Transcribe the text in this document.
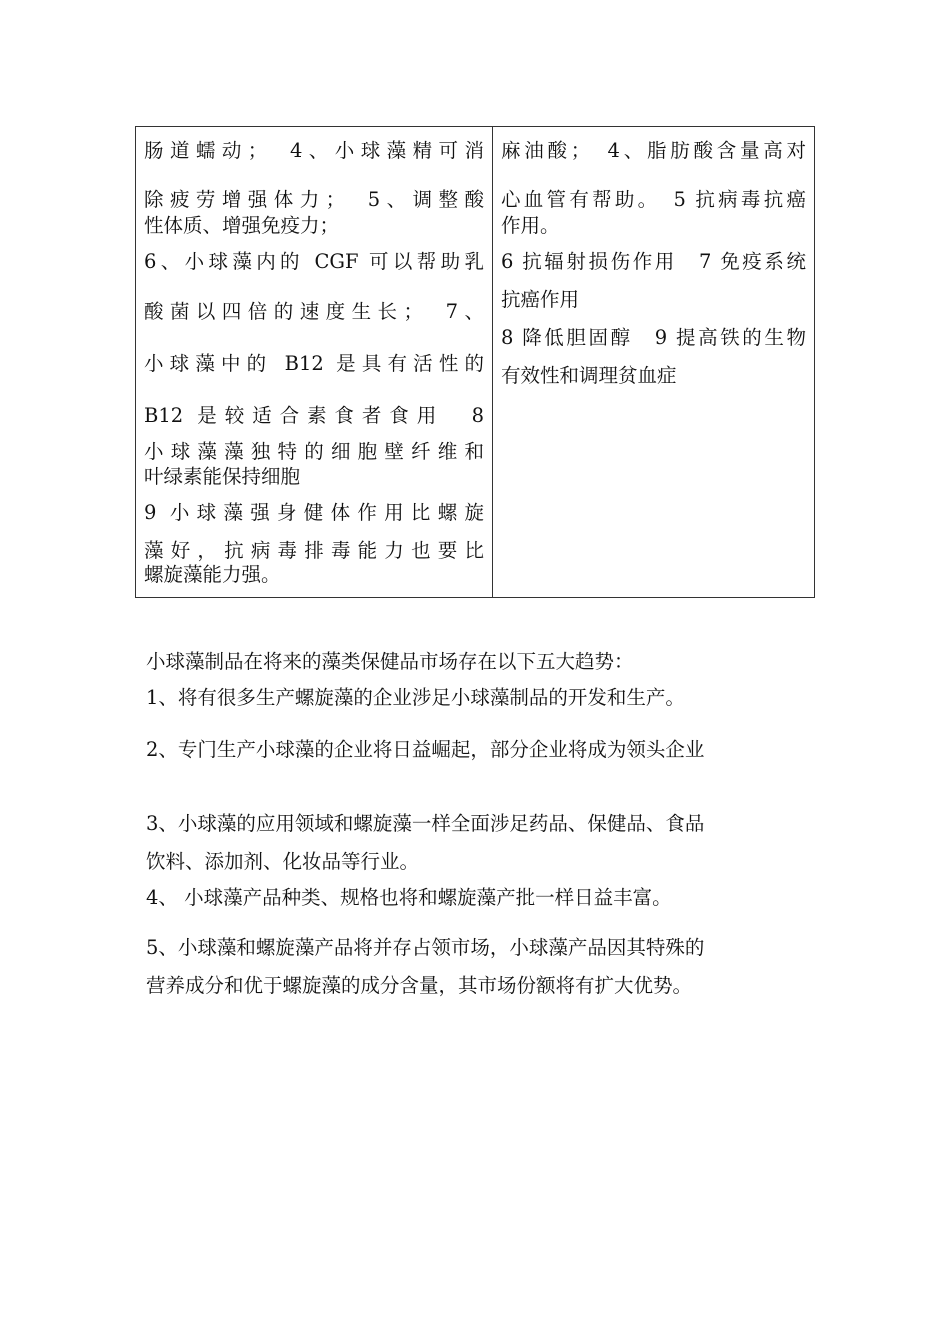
肠道蠕动；　4、小球藻精可消
除疲劳增强体力；　5、调整酸
性体质、增强免疫力；
6、小球藻内的 CGF 可以帮助乳
酸菌以四倍的速度生长；　7、
小球藻中的 B12 是具有活性的
B12 是较适合素食者食用　8
小球藻藻独特的细胞壁纤维和
叶绿素能保持细胞
9 小球藻强身健体作用比螺旋
藻好，抗病毒排毒能力也要比
螺旋藻能力强。

麻油酸；　4、脂肪酸含量高对
心血管有帮助。　5 抗病毒抗癌
作用。
6 抗辐射损伤作用　7 免疫系统
抗癌作用
8 降低胆固醇　9 提高铁的生物
有效性和调理贫血症

小球藻制品在将来的藻类保健品市场存在以下五大趋势：

1、将有很多生产螺旋藻的企业涉足小球藻制品的开发和生产。

2、专门生产小球藻的企业将日益崛起，部分企业将成为领头企业

3、小球藻的应用领域和螺旋藻一样全面涉足药品、保健品、食品

饮料、添加剂、化妆品等行业。

4、 小球藻产品种类、规格也将和螺旋藻产批一样日益丰富。

5、小球藻和螺旋藻产品将并存占领市场，小球藻产品因其特殊的

营养成分和优于螺旋藻的成分含量，其市场份额将有扩大优势。
